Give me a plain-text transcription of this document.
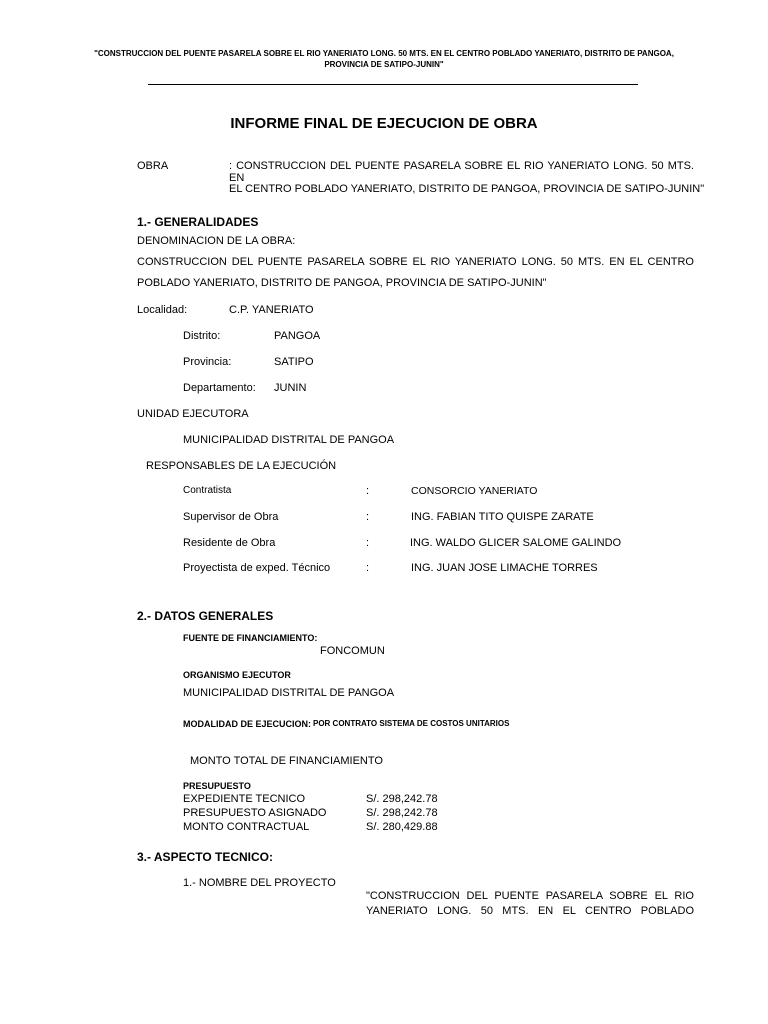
"CONSTRUCCION DEL PUENTE PASARELA SOBRE EL RIO YANERIATO LONG. 50 MTS. EN EL CENTRO POBLADO YANERIATO, DISTRITO DE PANGOA,
PROVINCIA DE SATIPO-JUNIN"
INFORME FINAL DE EJECUCION DE OBRA
OBRA	: CONSTRUCCION DEL PUENTE PASARELA SOBRE EL RIO YANERIATO LONG. 50 MTS. EN
EL CENTRO POBLADO YANERIATO, DISTRITO DE PANGOA, PROVINCIA DE SATIPO-JUNIN"
1.- GENERALIDADES
DENOMINACION DE LA OBRA:
CONSTRUCCION DEL PUENTE PASARELA SOBRE EL RIO YANERIATO LONG. 50 MTS. EN EL CENTRO
POBLADO YANERIATO, DISTRITO DE PANGOA, PROVINCIA DE SATIPO-JUNIN"
Localidad:	C.P. YANERIATO
Distrito:	PANGOA
Provincia:	SATIPO
Departamento: JUNIN
UNIDAD EJECUTORA
MUNICIPALIDAD DISTRITAL DE PANGOA
RESPONSABLES DE LA EJECUCIÓN
Contratista	:	CONSORCIO YANERIATO
Supervisor de Obra	:	ING. FABIAN TITO QUISPE ZARATE
Residente de Obra	:	ING. WALDO GLICER SALOME GALINDO
Proyectista de exped. Técnico	:	ING. JUAN JOSE LIMACHE TORRES
2.- DATOS GENERALES
FUENTE DE FINANCIAMIENTO:
FONCOMUN
ORGANISMO EJECUTOR
MUNICIPALIDAD DISTRITAL DE PANGOA
MODALIDAD DE EJECUCION: POR CONTRATO SISTEMA DE COSTOS UNITARIOS
MONTO TOTAL DE FINANCIAMIENTO
PRESUPUESTO
EXPEDIENTE TECNICO	S/. 298,242.78
PRESUPUESTO ASIGNADO	S/. 298,242.78
MONTO CONTRACTUAL	S/. 280,429.88
3.- ASPECTO TECNICO:
1.- NOMBRE DEL PROYECTO
"CONSTRUCCION DEL PUENTE PASARELA SOBRE EL RIO
YANERIATO LONG. 50 MTS. EN EL CENTRO POBLADO
